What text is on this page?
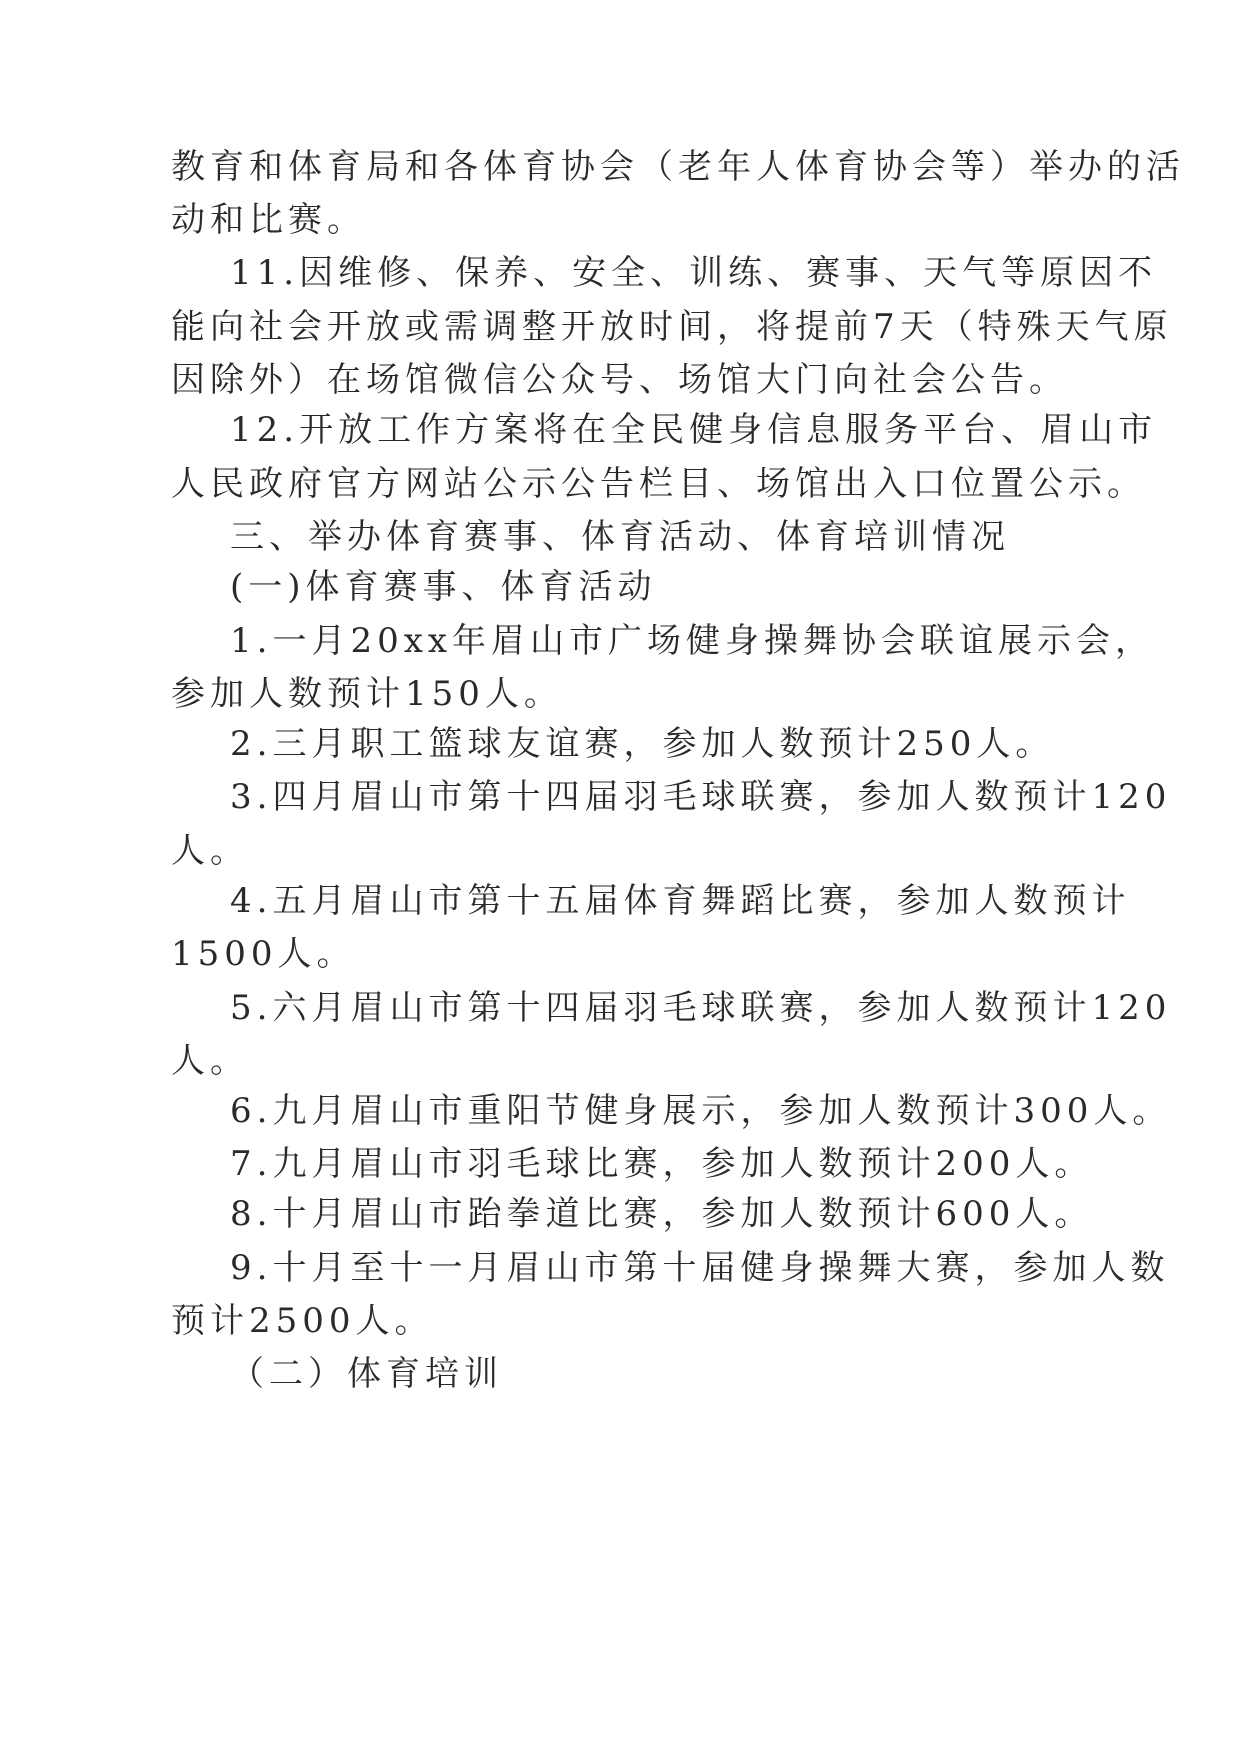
教育和体育局和各体育协会（老年人体育协会等）举办的活
动和比赛。
11.因维修、保养、安全、训练、赛事、天气等原因不
能向社会开放或需调整开放时间，将提前7天（特殊天气原
因除外）在场馆微信公众号、场馆大门向社会公告。
12.开放工作方案将在全民健身信息服务平台、眉山市
人民政府官方网站公示公告栏目、场馆出入口位置公示。
三、举办体育赛事、体育活动、体育培训情况
(一)体育赛事、体育活动
1.一月20xx年眉山市广场健身操舞协会联谊展示会，
参加人数预计150人。
2.三月职工篮球友谊赛，参加人数预计250人。
3.四月眉山市第十四届羽毛球联赛，参加人数预计120
人。
4.五月眉山市第十五届体育舞蹈比赛，参加人数预计
1500人。
5.六月眉山市第十四届羽毛球联赛，参加人数预计120
人。
6.九月眉山市重阳节健身展示，参加人数预计300人。
7.九月眉山市羽毛球比赛，参加人数预计200人。
8.十月眉山市跆拳道比赛，参加人数预计600人。
9.十月至十一月眉山市第十届健身操舞大赛，参加人数
预计2500人。
（二）体育培训
